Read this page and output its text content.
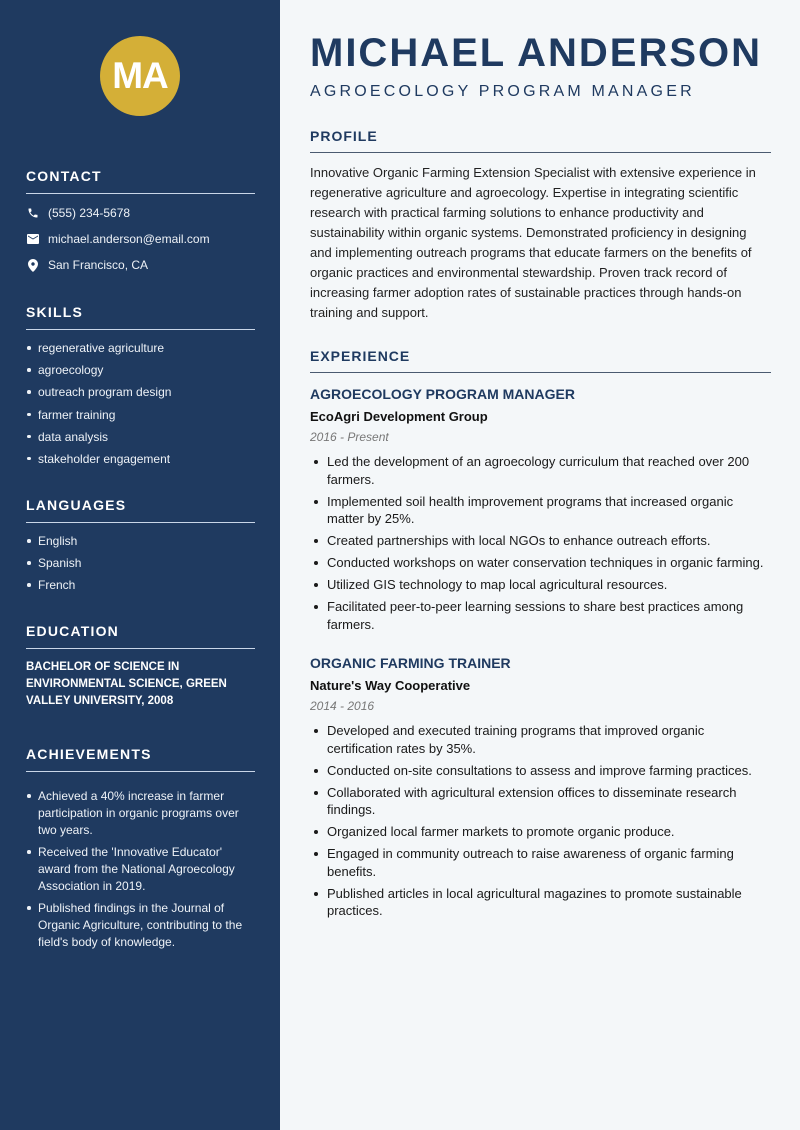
MA
CONTACT
(555) 234-5678
michael.anderson@email.com
San Francisco, CA
SKILLS
regenerative agriculture
agroecology
outreach program design
farmer training
data analysis
stakeholder engagement
LANGUAGES
English
Spanish
French
EDUCATION
BACHELOR OF SCIENCE IN ENVIRONMENTAL SCIENCE, GREEN VALLEY UNIVERSITY, 2008
ACHIEVEMENTS
Achieved a 40% increase in farmer participation in organic programs over two years.
Received the 'Innovative Educator' award from the National Agroecology Association in 2019.
Published findings in the Journal of Organic Agriculture, contributing to the field's body of knowledge.
MICHAEL ANDERSON
AGROECOLOGY PROGRAM MANAGER
PROFILE

Innovative Organic Farming Extension Specialist with extensive experience in regenerative agriculture and agroecology. Expertise in integrating scientific research with practical farming solutions to enhance productivity and sustainability within organic systems. Demonstrated proficiency in designing and implementing outreach programs that educate farmers on the benefits of organic practices and environmental stewardship. Proven track record of increasing farmer adoption rates of sustainable practices through hands-on training and support.

EXPERIENCE
AGROECOLOGY PROGRAM MANAGER
EcoAgri Development Group
2016 - Present
Led the development of an agroecology curriculum that reached over 200 farmers.
Implemented soil health improvement programs that increased organic matter by 25%.
Created partnerships with local NGOs to enhance outreach efforts.
Conducted workshops on water conservation techniques in organic farming.
Utilized GIS technology to map local agricultural resources.
Facilitated peer-to-peer learning sessions to share best practices among farmers.
ORGANIC FARMING TRAINER
Nature's Way Cooperative
2014 - 2016
Developed and executed training programs that improved organic certification rates by 35%.
Conducted on-site consultations to assess and improve farming practices.
Collaborated with agricultural extension offices to disseminate research findings.
Organized local farmer markets to promote organic produce.
Engaged in community outreach to raise awareness of organic farming benefits.
Published articles in local agricultural magazines to promote sustainable practices.
